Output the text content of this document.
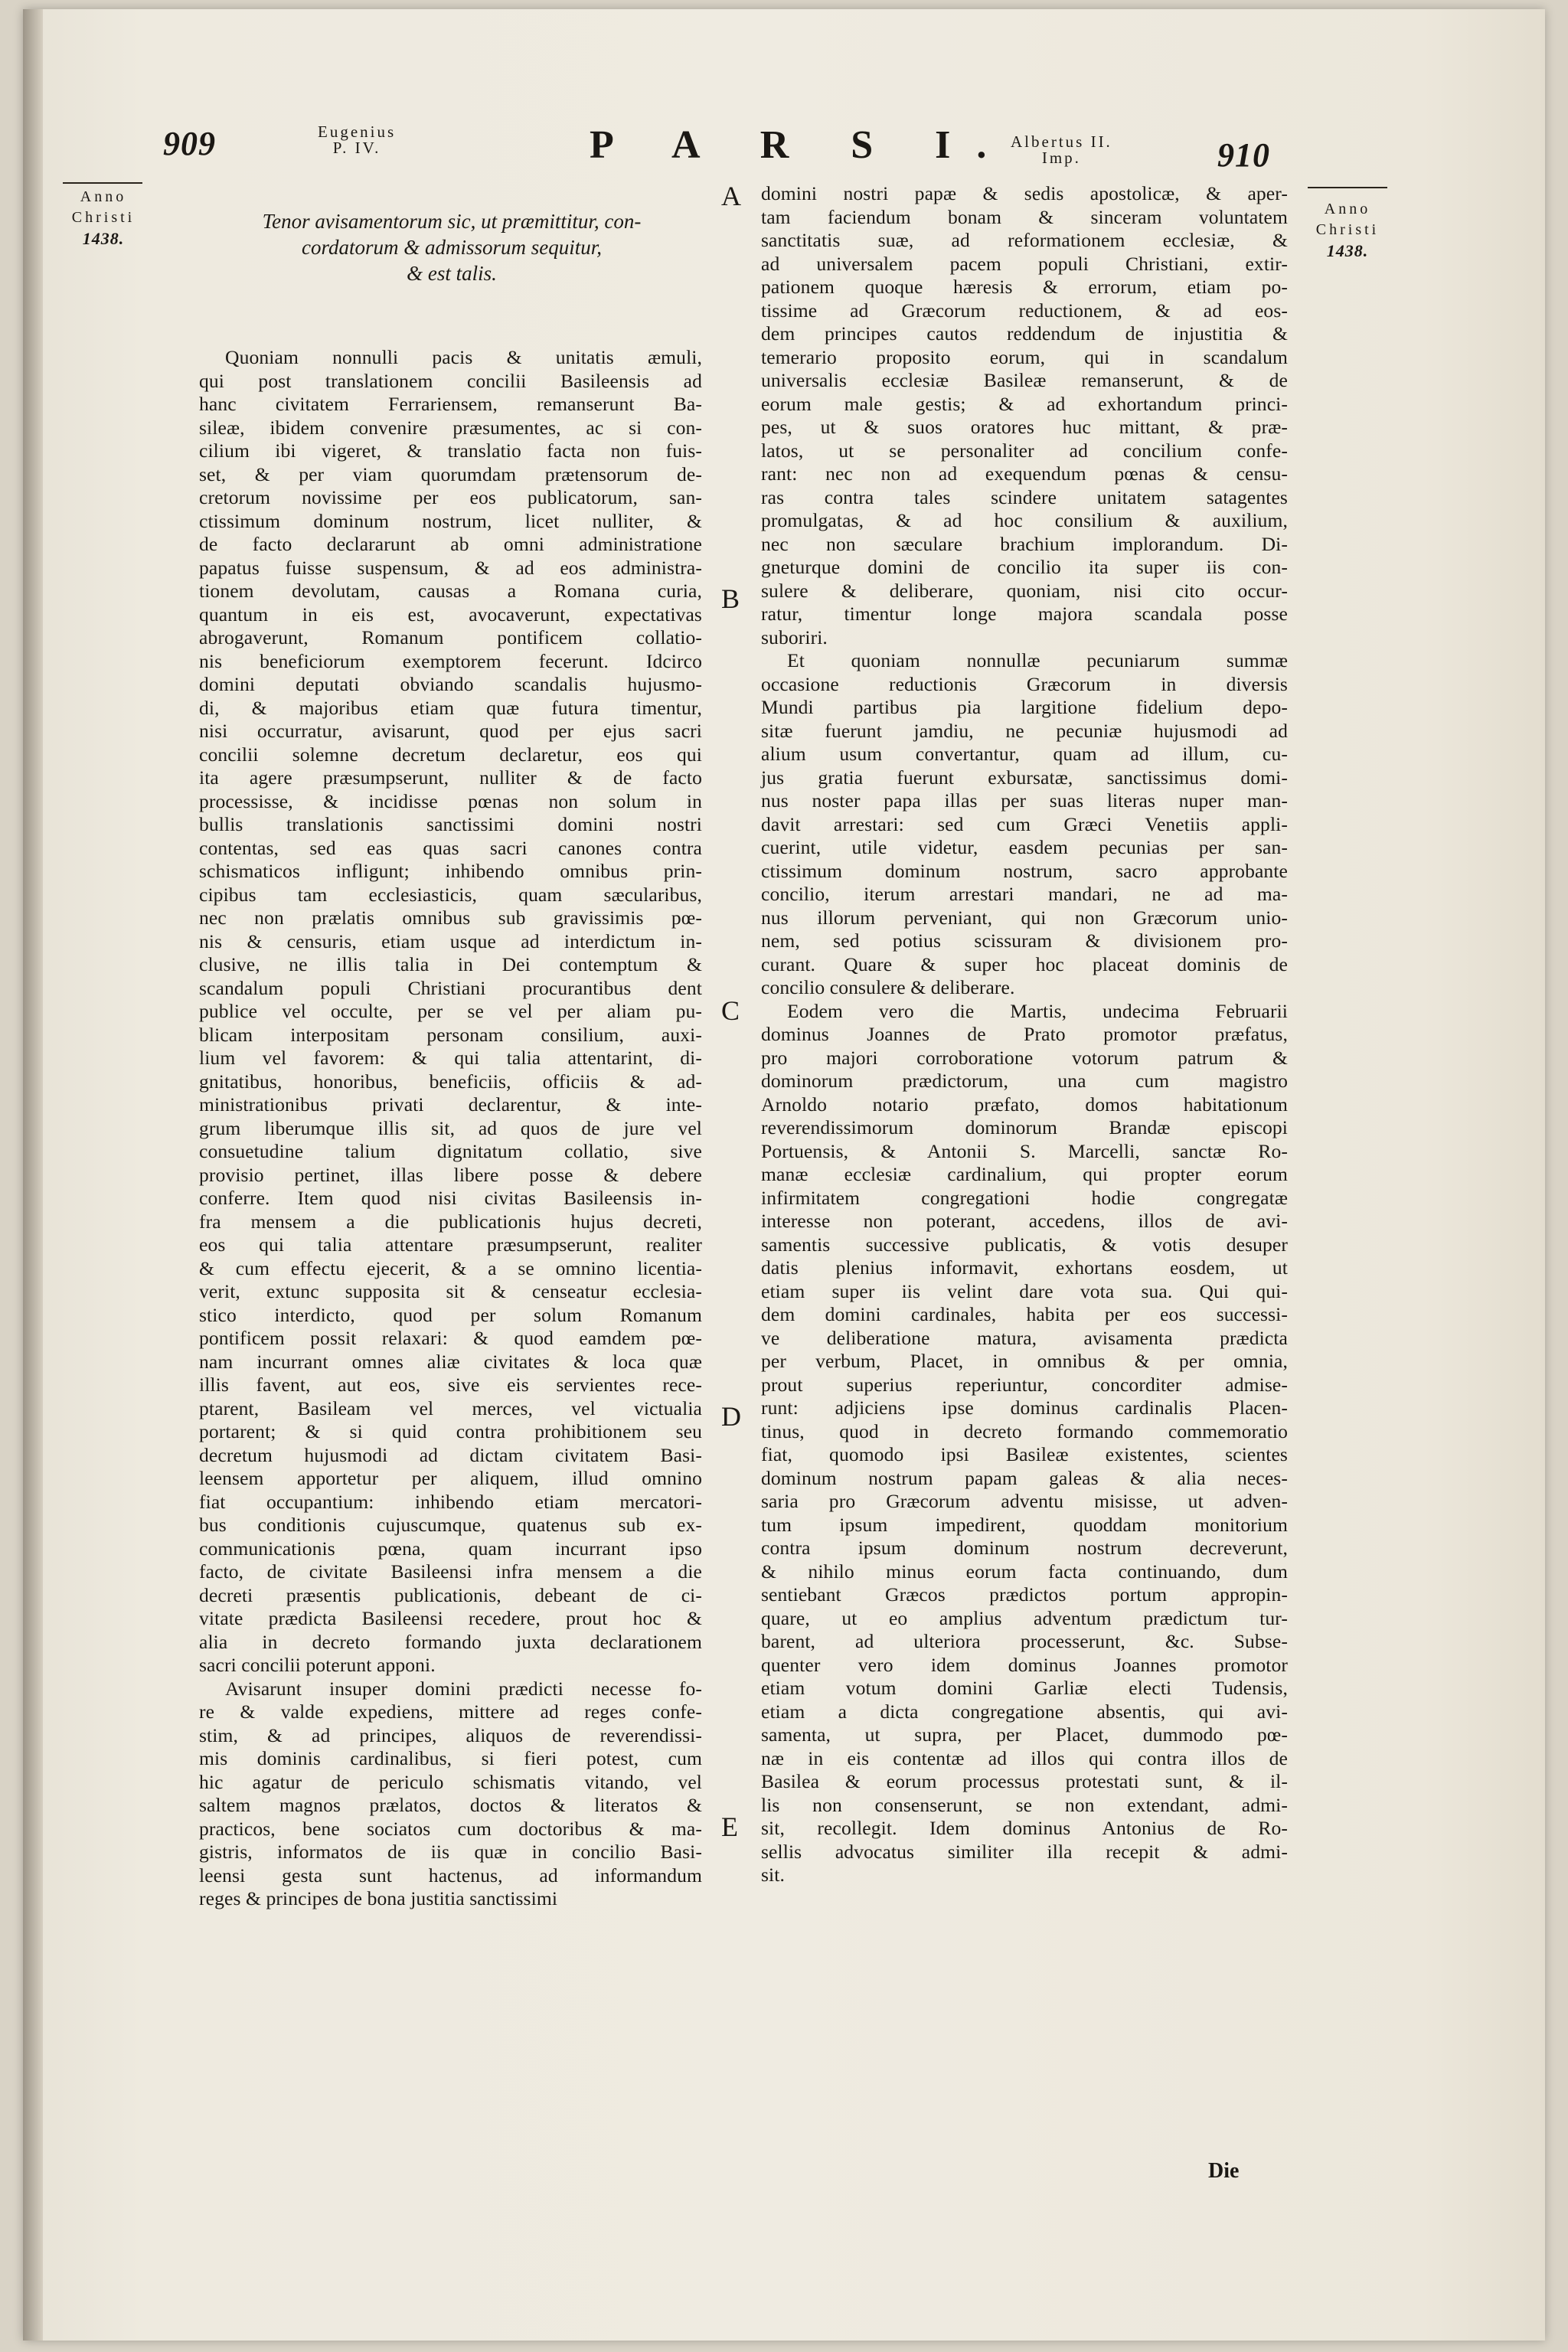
909	Eugenius
P. IV.	P A R S I.
Albertus II.
Imp.	910
Anno
Christi
1438.
Anno
Christi
1438.
A
B
C
D
E
Tenor avisamentorum sic, ut præmittitur, con-
cordatorum & admissorum sequitur,
& est talis.
Quoniam nonnulli pacis & unitatis æmuli,
qui post translationem concilii Basileensis ad
hanc civitatem Ferrariensem, remanserunt Ba-
sileæ, ibidem convenire præsumentes, ac si con-
cilium ibi vigeret, & translatio facta non fuis-
set, & per viam quorumdam prætensorum de-
cretorum novissime per eos publicatorum, san-
ctissimum dominum nostrum, licet nulliter, &
de facto declararunt ab omni administratione
papatus fuisse suspensum, & ad eos administra-
tionem devolutam, causas a Romana curia,
quantum in eis est, avocaverunt, expectativas
abrogaverunt, Romanum pontificem collatio-
nis beneficiorum exemptorem fecerunt. Idcirco
domini deputati obviando scandalis hujusmo-
di, & majoribus etiam quæ futura timentur,
nisi occurratur, avisarunt, quod per ejus sacri
concilii solemne decretum declaretur, eos qui
ita agere præsumpserunt, nulliter & de facto
processisse, & incidisse pœnas non solum in
bullis translationis sanctissimi domini nostri
contentas, sed eas quas sacri canones contra
schismaticos infligunt; inhibendo omnibus prin-
cipibus tam ecclesiasticis, quam sæcularibus,
nec non prælatis omnibus sub gravissimis pœ-
nis & censuris, etiam usque ad interdictum in-
clusive, ne illis talia in Dei contemptum &
scandalum populi Christiani procurantibus dent
publice vel occulte, per se vel per aliam pu-
blicam interpositam personam consilium, auxi-
lium vel favorem: & qui talia attentarint, di-
gnitatibus, honoribus, beneficiis, officiis & ad-
ministrationibus privati declarentur, & inte-
grum liberumque illis sit, ad quos de jure vel
consuetudine talium dignitatum collatio, sive
provisio pertinet, illas libere posse & debere
conferre. Item quod nisi civitas Basileensis in-
fra mensem a die publicationis hujus decreti,
eos qui talia attentare præsumpserunt, realiter
& cum effectu ejecerit, & a se omnino licentia-
verit, extunc supposita sit & censeatur ecclesia-
stico interdicto, quod per solum Romanum
pontificem possit relaxari: & quod eamdem pœ-
nam incurrant omnes aliæ civitates & loca quæ
illis favent, aut eos, sive eis servientes rece-
ptarent, Basileam vel merces, vel victualia
portarent; & si quid contra prohibitionem seu
decretum hujusmodi ad dictam civitatem Basi-
leensem apportetur per aliquem, illud omnino
fiat occupantium: inhibendo etiam mercatori-
bus conditionis cujuscumque, quatenus sub ex-
communicationis pœna, quam incurrant ipso
facto, de civitate Basileensi infra mensem a die
decreti præsentis publicationis, debeant de ci-
vitate prædicta Basileensi recedere, prout hoc &
alia in decreto formando juxta declarationem
sacri concilii poterunt apponi.
Avisarunt insuper domini prædicti necesse fo-
re & valde expediens, mittere ad reges confe-
stim, & ad principes, aliquos de reverendissi-
mis dominis cardinalibus, si fieri potest, cum
hic agatur de periculo schismatis vitando, vel
saltem magnos prælatos, doctos & literatos &
practicos, bene sociatos cum doctoribus & ma-
gistris, informatos de iis quæ in concilio Basi-
leensi gesta sunt hactenus, ad informandum
reges & principes de bona justitia sanctissimi
domini nostri papæ & sedis apostolicæ, & aper-
tam faciendum bonam & sinceram voluntatem
sanctitatis suæ, ad reformationem ecclesiæ, &
ad universalem pacem populi Christiani, extir-
pationem quoque hæresis & errorum, etiam po-
tissime ad Græcorum reductionem, & ad eos-
dem principes cautos reddendum de injustitia &
temerario proposito eorum, qui in scandalum
universalis ecclesiæ Basileæ remanserunt, & de
eorum male gestis; & ad exhortandum princi-
pes, ut & suos oratores huc mittant, & præ-
latos, ut se personaliter ad concilium confe-
rant: nec non ad exequendum pœnas & censu-
ras contra tales scindere unitatem satagentes
promulgatas, & ad hoc consilium & auxilium,
nec non sæculare brachium implorandum. Di-
gneturque domini de concilio ita super iis con-
sulere & deliberare, quoniam, nisi cito occur-
ratur, timentur longe majora scandala posse
suboriri.
Et quoniam nonnullæ pecuniarum summæ
occasione reductionis Græcorum in diversis
Mundi partibus pia largitione fidelium depo-
sitæ fuerunt jamdiu, ne pecuniæ hujusmodi ad
alium usum convertantur, quam ad illum, cu-
jus gratia fuerunt exbursatæ, sanctissimus domi-
nus noster papa illas per suas literas nuper man-
davit arrestari: sed cum Græci Venetiis appli-
cuerint, utile videtur, easdem pecunias per san-
ctissimum dominum nostrum, sacro approbante
concilio, iterum arrestari mandari, ne ad ma-
nus illorum perveniant, qui non Græcorum unio-
nem, sed potius scissuram & divisionem pro-
curant. Quare & super hoc placeat dominis de
concilio consulere & deliberare.
Eodem vero die Martis, undecima Februarii
dominus Joannes de Prato promotor præfatus,
pro majori corroboratione votorum patrum &
dominorum prædictorum, una cum magistro
Arnoldo notario præfato, domos habitationum
reverendissimorum dominorum Brandæ episcopi
Portuensis, & Antonii S. Marcelli, sanctæ Ro-
manæ ecclesiæ cardinalium, qui propter eorum
infirmitatem congregationi hodie congregatæ
interesse non poterant, accedens, illos de avi-
samentis successive publicatis, & votis desuper
datis plenius informavit, exhortans eosdem, ut
etiam super iis velint dare vota sua. Qui qui-
dem domini cardinales, habita per eos successi-
ve deliberatione matura, avisamenta prædicta
per verbum, Placet, in omnibus & per omnia,
prout superius reperiuntur, concorditer admise-
runt: adjiciens ipse dominus cardinalis Placen-
tinus, quod in decreto formando commemoratio
fiat, quomodo ipsi Basileæ existentes, scientes
dominum nostrum papam galeas & alia neces-
saria pro Græcorum adventu misisse, ut adven-
tum ipsum impedirent, quoddam monitorium
contra ipsum dominum nostrum decreverunt,
& nihilo minus eorum facta continuando, dum
sentiebant Græcos prædictos portum appropin-
quare, ut eo amplius adventum prædictum tur-
barent, ad ulteriora processerunt, &c. Subse-
quenter vero idem dominus Joannes promotor
etiam votum domini Garliæ electi Tudensis,
etiam a dicta congregatione absentis, qui avi-
samenta, ut supra, per Placet, dummodo pœ-
næ in eis contentæ ad illos qui contra illos de
Basilea & eorum processus protestati sunt, & il-
lis non consenserunt, se non extendant, admi-
sit, recollegit. Idem dominus Antonius de Ro-
sellis advocatus similiter illa recepit & admi-
sit.
Die
